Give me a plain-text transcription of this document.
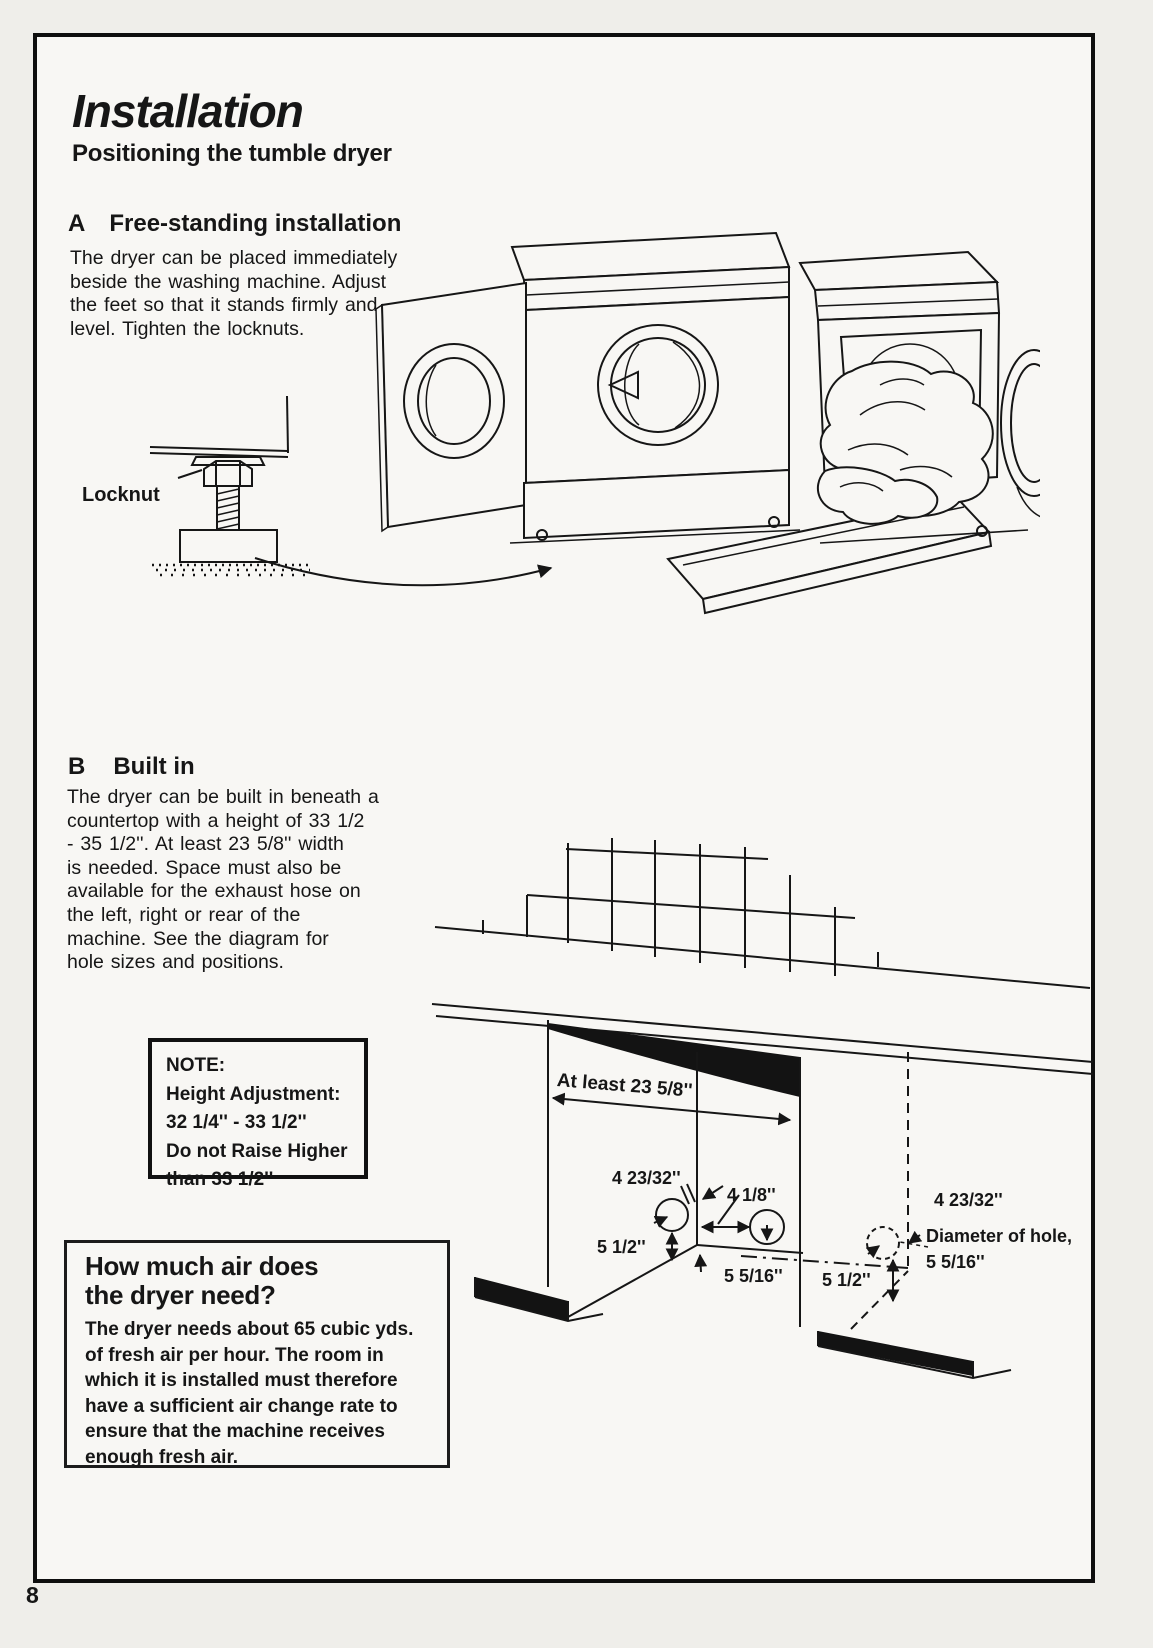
Installation
Positioning the tumble dryer
A Free-standing installation
The dryer can be placed immediately
beside the washing machine. Adjust
the feet so that it stands firmly and
level. Tighten the locknuts.
Locknut
B Built in
The dryer can be built in beneath a
countertop with a height of 33 1/2
- 35 1/2''. At least 23 5/8'' width
is needed. Space must also be
available for the exhaust hose on
the left, right or rear of the
machine. See the diagram for
hole sizes and positions.
NOTE:
Height Adjustment:
32 1/4'' - 33 1/2''
Do not Raise Higher
than 33 1/2''
How much air does
the dryer need?
The dryer needs about 65 cubic yds.
of fresh air per hour. The room in
which it is installed must therefore
have a sufficient air change rate to
ensure that the machine receives
enough fresh air.
At least 23 5/8''
4 23/32''
4 1/8''
5 1/2''
5 5/16'' 5 1/2''
4 23/32''
Diameter of hole,
5 5/16''
8
